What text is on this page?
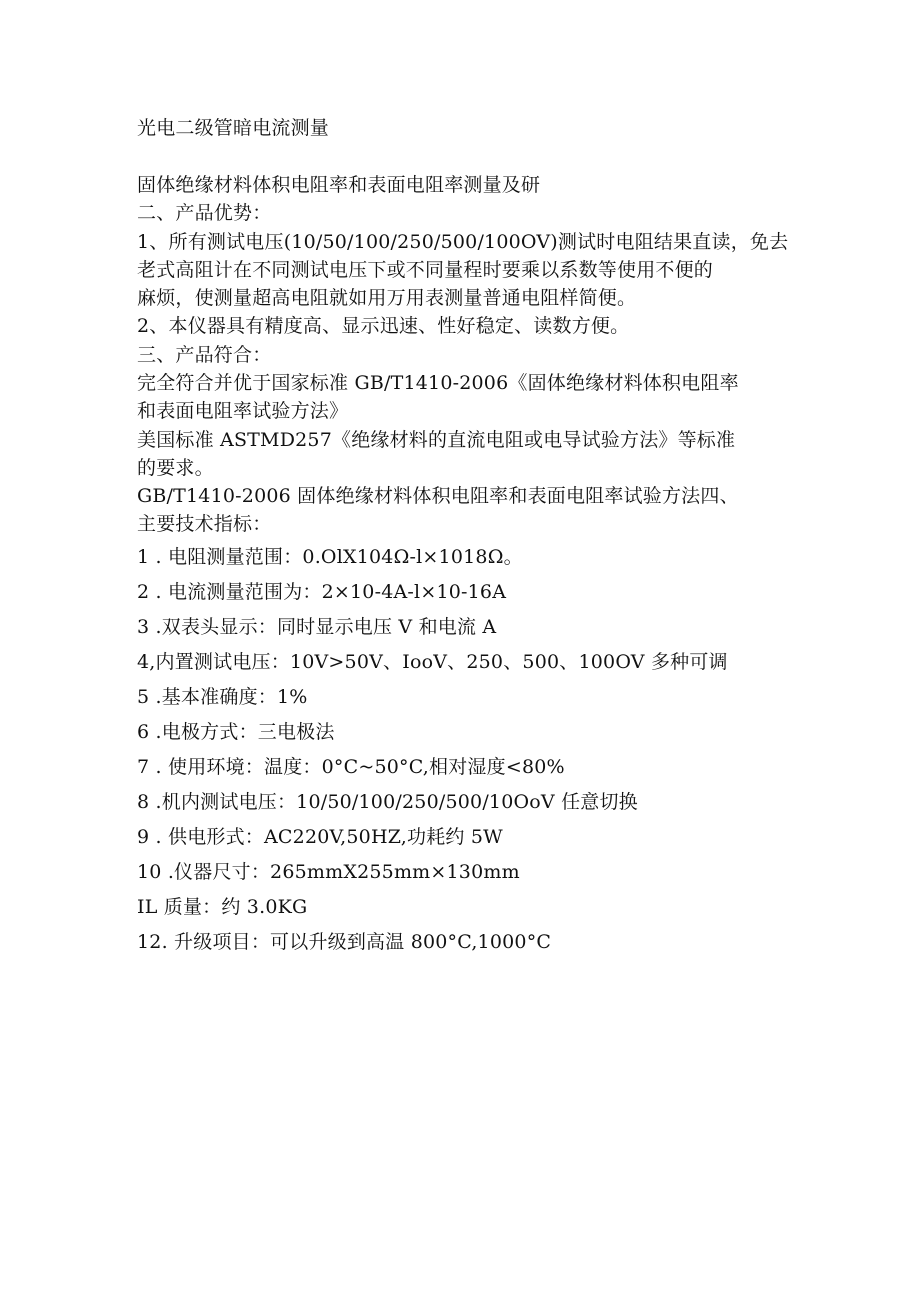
光电二级管暗电流测量
固体绝缘材料体积电阻率和表面电阻率测量及研
二、产品优势：
1、所有测试电压(10/50/100/250/500/100OV)测试时电阻结果直读，免去
老式高阻计在不同测试电压下或不同量程时要乘以系数等使用不便的
麻烦，使测量超高电阻就如用万用表测量普通电阻样简便。
2、本仪器具有精度高、显示迅速、性好稳定、读数方便。
三、产品符合：
完全符合并优于国家标准 GB/T1410-2006《固体绝缘材料体积电阻率
和表面电阻率试验方法》
美国标准 ASTMD257《绝缘材料的直流电阻或电导试验方法》等标准
的要求。
GB/T1410-2006 固体绝缘材料体积电阻率和表面电阻率试验方法四、
主要技术指标：
1 . 电阻测量范围：0.OlX104Ω-l×1018Ω。
2 . 电流测量范围为：2×10-4A-l×10-16A
3 .双表头显示：同时显示电压 V 和电流 A
4,内置测试电压：10V>50V、IooV、250、500、100OV 多种可调
5 .基本准确度：1%
6 .电极方式：三电极法
7 . 使用环境：温度：0°C~50°C,相对湿度<80%
8 .机内测试电压：10/50/100/250/500/10OoV 任意切换
9 . 供电形式：AC220V,50HZ,功耗约 5W
10 .仪器尺寸：265mmX255mm×130mm
IL 质量：约 3.0KG
12. 升级项目：可以升级到高温 800°C,1000°C
